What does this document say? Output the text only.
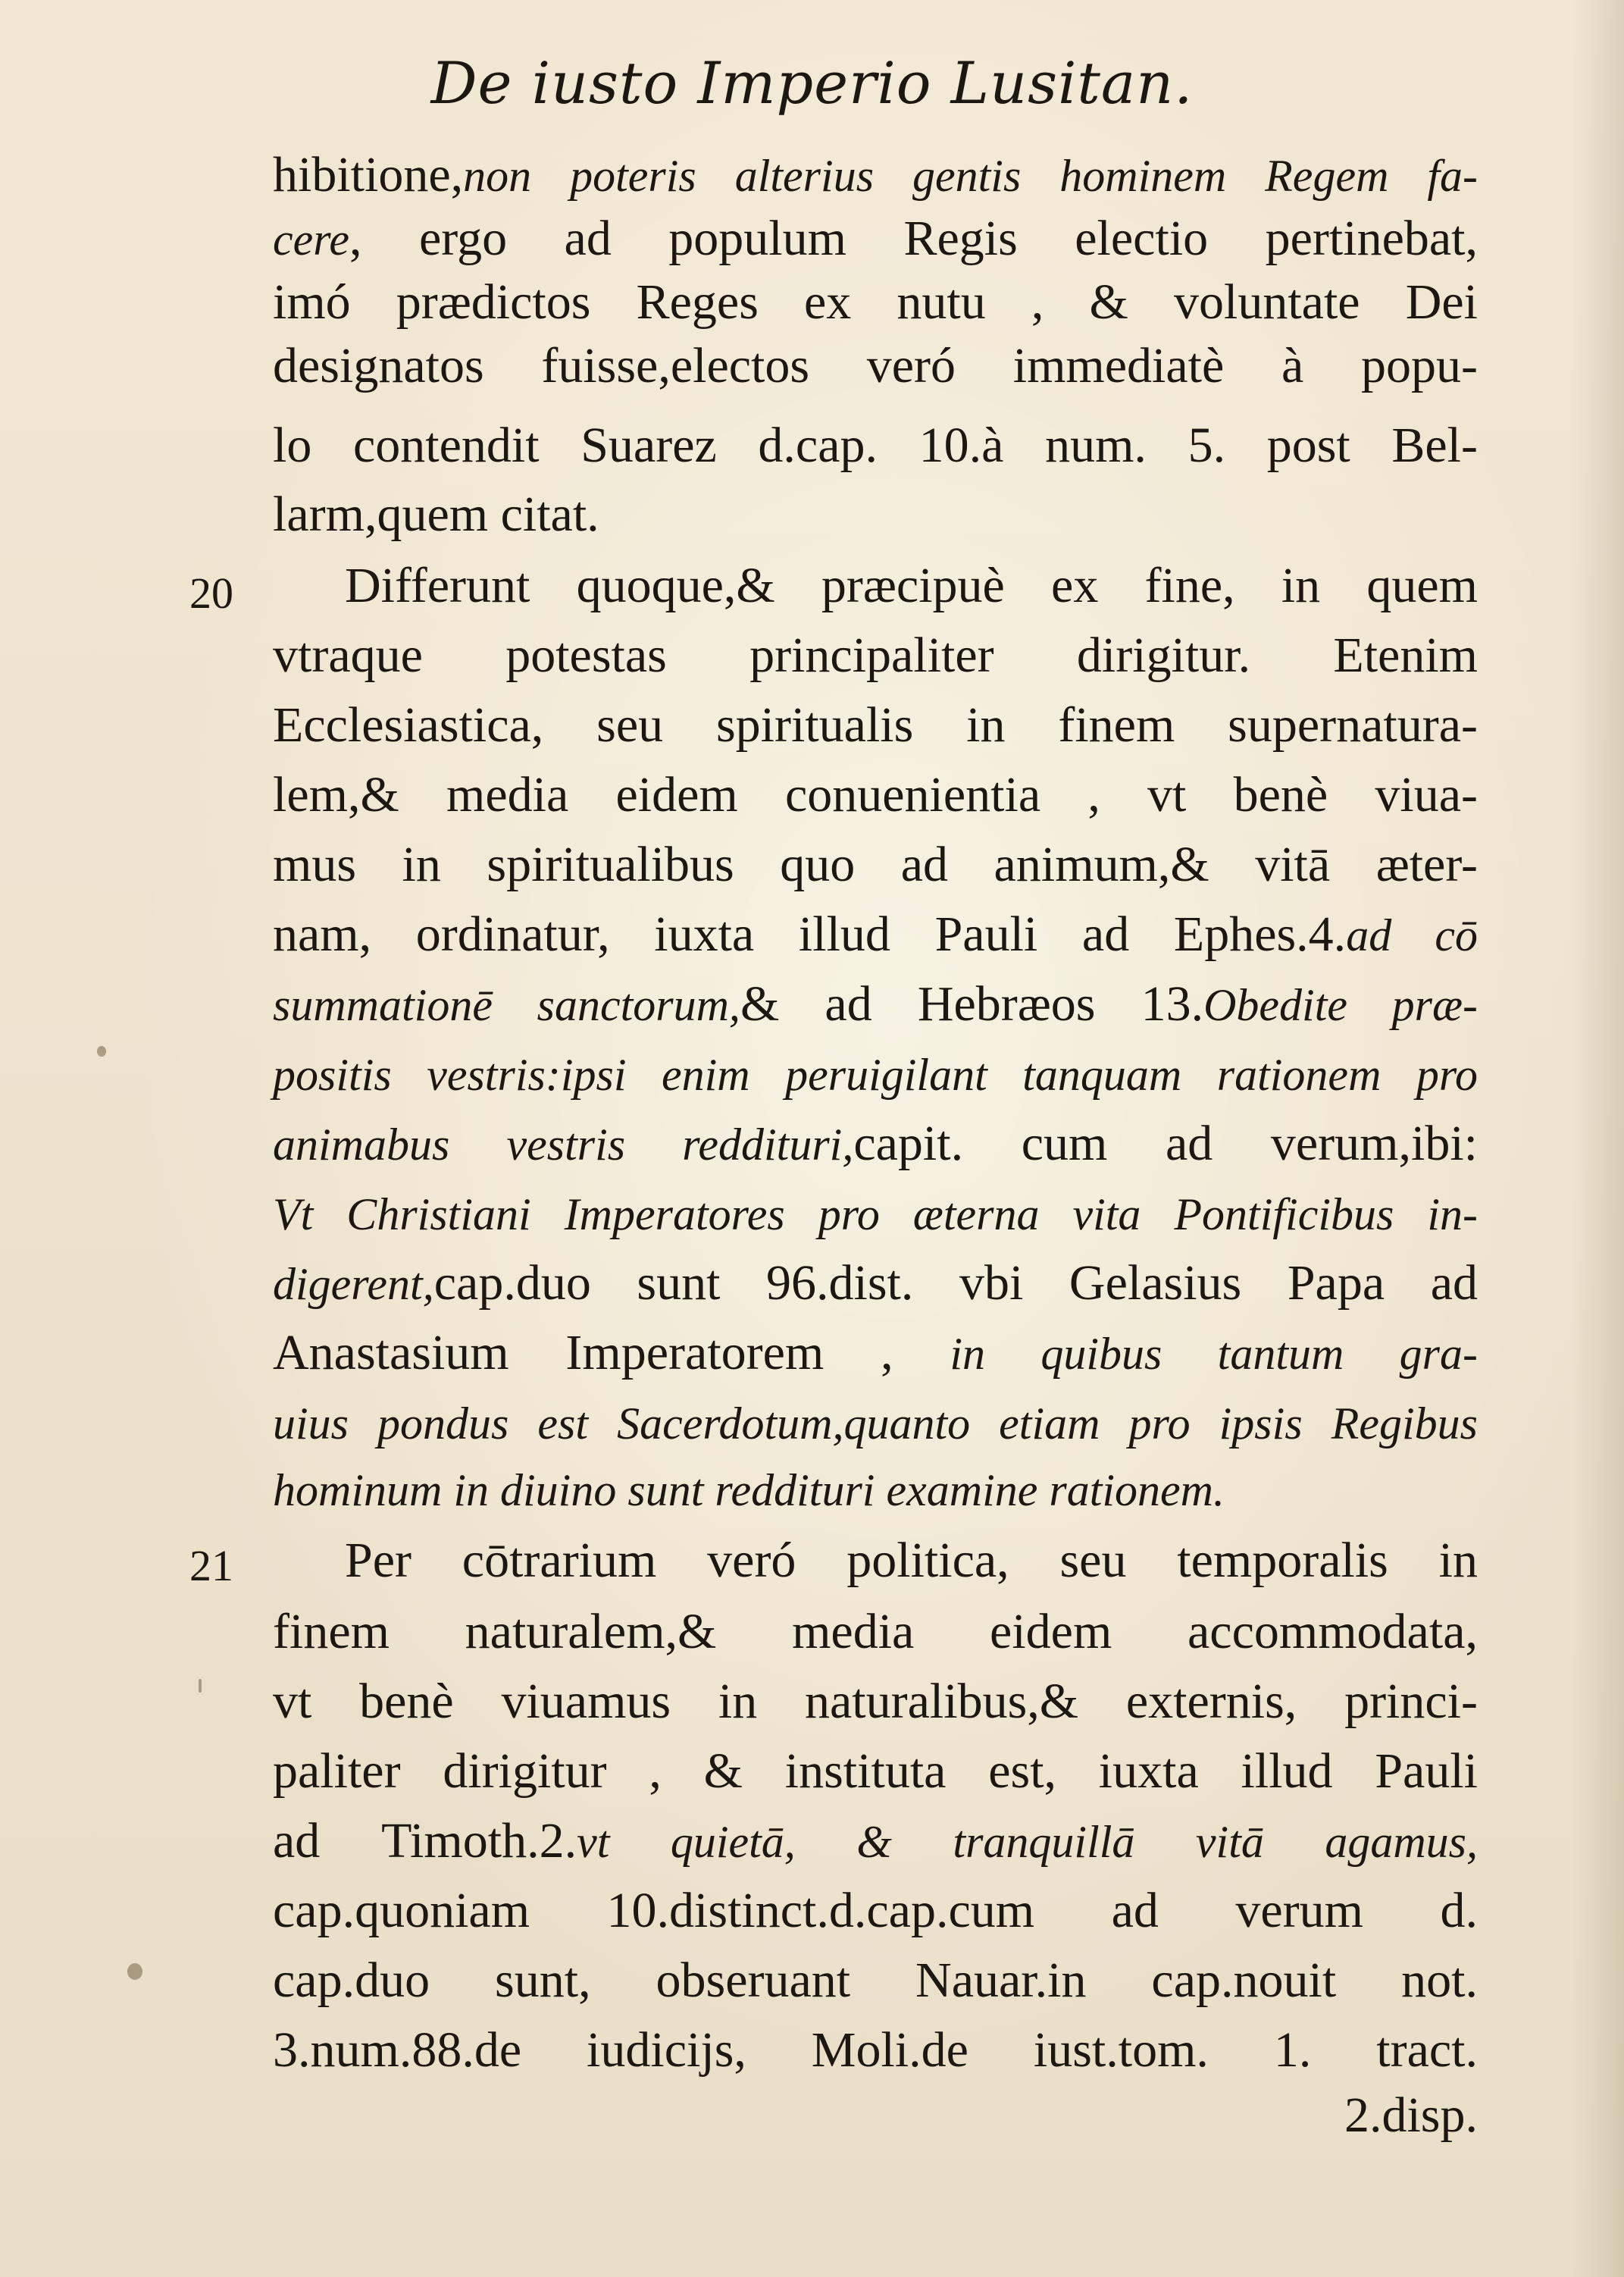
De iusto Imperio Lusitan.
20
21
hibitione,non poteris alterius gentis hominem Regem fa-
cere, ergo ad populum Regis electio pertinebat,
imó prædictos Reges ex nutu , & voluntate Dei
designatos fuisse,electos veró immediatè à popu-
lo contendit Suarez d.cap. 10.à num. 5. post Bel-
larm,quem citat.
Differunt quoque,& præcipuè ex fine, in quem
vtraque potestas principaliter dirigitur. Etenim
Ecclesiastica, seu spiritualis in finem supernatura-
lem,& media eidem conuenientia , vt benè viua-
mus in spiritualibus quo ad animum,& vitā æter-
nam, ordinatur, iuxta illud Pauli ad Ephes.4.ad cō
summationē sanctorum,& ad Hebræos 13.Obedite præ-
positis vestris:ipsi enim peruigilant tanquam rationem pro
animabus vestris reddituri,capit. cum ad verum,ibi:
Vt Christiani Imperatores pro æterna vita Pontificibus in-
digerent,cap.duo sunt 96.dist. vbi Gelasius Papa ad
Anastasium Imperatorem , in quibus tantum gra-
uius pondus est Sacerdotum,quanto etiam pro ipsis Regibus
hominum in diuino sunt reddituri examine rationem.
Per cōtrarium veró politica, seu temporalis in
finem naturalem,& media eidem accommodata,
vt benè viuamus in naturalibus,& externis, princi-
paliter dirigitur , & instituta est, iuxta illud Pauli
ad Timoth.2.vt quietā, & tranquillā vitā agamus,
cap.quoniam 10.distinct.d.cap.cum ad verum d.
cap.duo sunt, obseruant Nauar.in cap.nouit not.
3.num.88.de iudicijs, Moli.de iust.tom. 1. tract.
2.disp.
